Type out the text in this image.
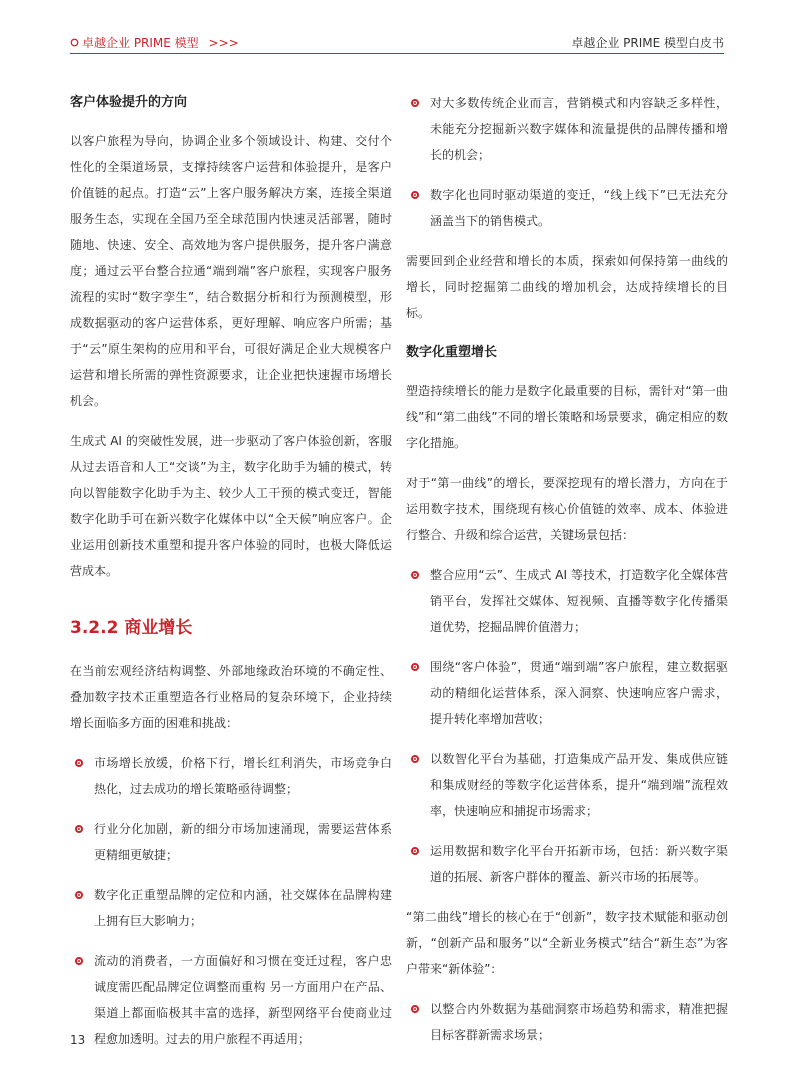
卓越企业 PRIME 模型 >>>	卓越企业 PRIME 模型白皮书
客户体验提升的方向

以客户旅程为导向，协调企业多个领域设计、构建、交付个性化的全渠道场景，支撑持续客户运营和体验提升，是客户价值链的起点。打造“云”上客户服务解决方案，连接全渠道服务生态，实现在全国乃至全球范围内快速灵活部署，随时随地、快速、安全、高效地为客户提供服务，提升客户满意度；通过云平台整合拉通“端到端”客户旅程，实现客户服务流程的实时“数字孪生”，结合数据分析和行为预测模型，形成数据驱动的客户运营体系，更好理解、响应客户所需；基于“云”原生架构的应用和平台，可很好满足企业大规模客户运营和增长所需的弹性资源要求，让企业把快速握市场增长机会。

生成式 AI 的突破性发展，进一步驱动了客户体验创新，客服从过去语音和人工“交谈”为主，数字化助手为辅的模式，转向以智能数字化助手为主、较少人工干预的模式变迁，智能数字化助手可在新兴数字化媒体中以“全天候”响应客户。企业运用创新技术重塑和提升客户体验的同时，也极大降低运营成本。

3.2.2 商业增长

在当前宏观经济结构调整、外部地缘政治环境的不确定性、叠加数字技术正重塑造各行业格局的复杂环境下，企业持续增长面临多方面的困难和挑战：

市场增长放缓，价格下行，增长红利消失，市场竞争白热化，过去成功的增长策略亟待调整；
行业分化加剧，新的细分市场加速涌现，需要运营体系更精细更敏捷；
数字化正重塑品牌的定位和内涵，社交媒体在品牌构建上拥有巨大影响力；
流动的消费者，一方面偏好和习惯在变迁过程，客户忠诚度需匹配品牌定位调整而重构 另一方面用户在产品、渠道上都面临极其丰富的选择，新型网络平台使商业过程愈加透明。过去的用户旅程不再适用；
对大多数传统企业而言，营销模式和内容缺乏多样性，未能充分挖掘新兴数字媒体和流量提供的品牌传播和增长的机会；
数字化也同时驱动渠道的变迁，“线上线下”已无法充分涵盖当下的销售模式。

需要回到企业经营和增长的本质，探索如何保持第一曲线的增长，同时挖掘第二曲线的增加机会，达成持续增长的目标。

数字化重塑增长

塑造持续增长的能力是数字化最重要的目标，需针对“第一曲线”和“第二曲线”不同的增长策略和场景要求，确定相应的数字化措施。

对于“第一曲线”的增长，要深挖现有的增长潜力，方向在于运用数字技术，围绕现有核心价值链的效率、成本、体验进行整合、升级和综合运营，关键场景包括：

整合应用“云”、生成式 AI 等技术，打造数字化全媒体营销平台，发挥社交媒体、短视频、直播等数字化传播渠道优势，挖掘品牌价值潜力；
围绕“客户体验”，贯通“端到端”客户旅程，建立数据驱动的精细化运营体系，深入洞察、快速响应客户需求，提升转化率增加营收；
以数智化平台为基础，打造集成产品开发、集成供应链和集成财经的等数字化运营体系，提升“端到端”流程效率，快速响应和捕捉市场需求；
运用数据和数字化平台开拓新市场，包括：新兴数字渠道的拓展、新客户群体的覆盖、新兴市场的拓展等。

“第二曲线”增长的核心在于“创新”，数字技术赋能和驱动创新，“创新产品和服务”以“全新业务模式”结合“新生态”为客户带来“新体验”：

以整合内外数据为基础洞察市场趋势和需求，精准把握目标客群新需求场景；
13
